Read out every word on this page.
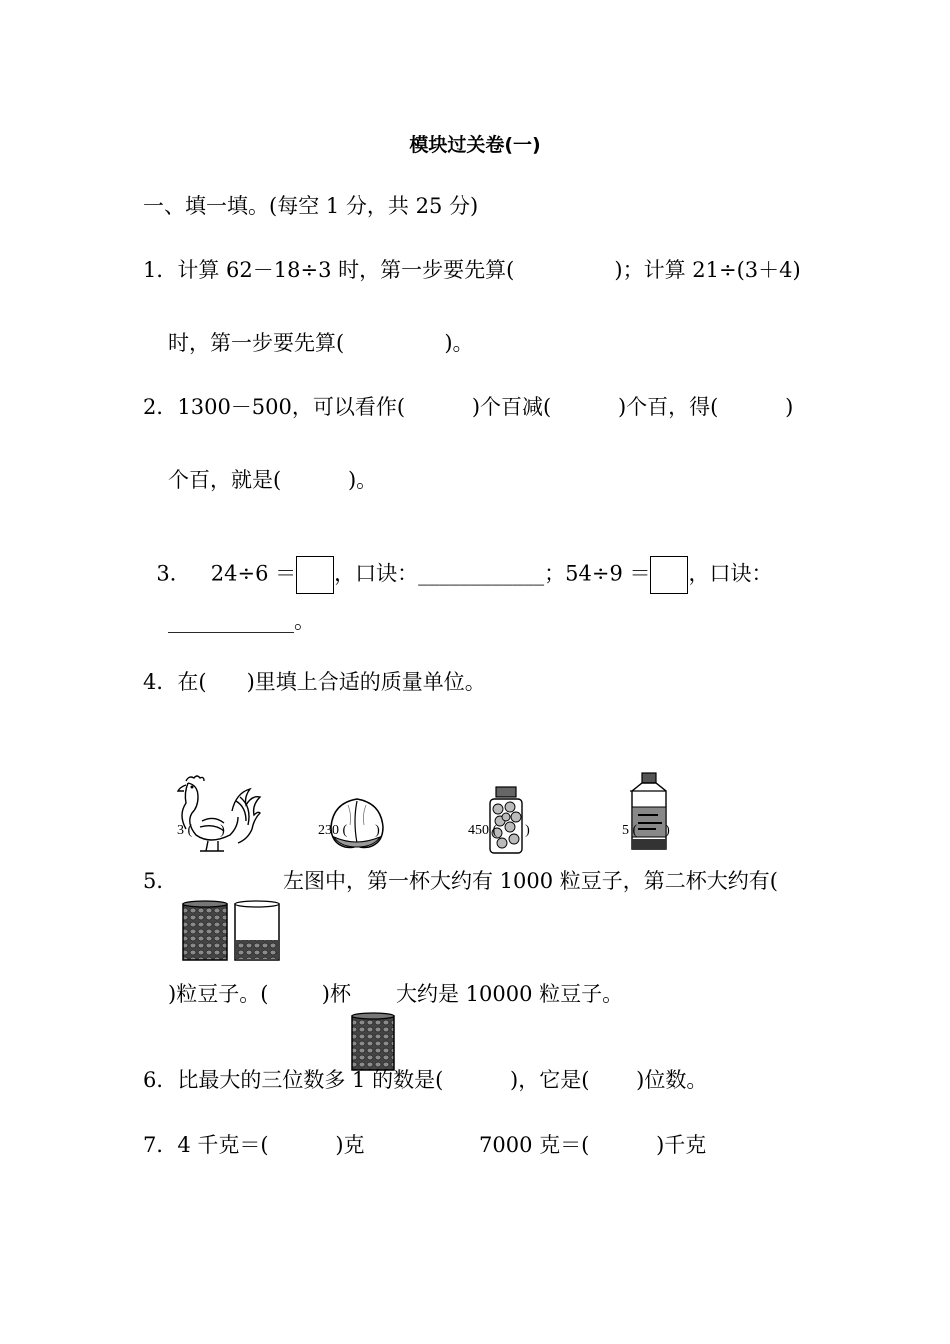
模块过关卷(一)
一、填一填。(每空 1 分，共 25 分)
1．计算 62－18÷3 时，第一步要先算(               )；计算 21÷(3＋4)
时，第一步要先算(               )。
2．1300－500，可以看作(          )个百减(          )个百，得(          )
个百，就是(          )。

3． 24÷6 ＝ ，口诀：____________；54÷9 ＝ ，口诀：

____________。
4．在(      )里填上合适的质量单位。

3 (        )

	230 (        )

	450 (        )

	5 (        )
5．

	左图中，第一杯大约有 1000 粒豆子，第二杯大约有(
)粒豆子。(        )杯

大约是 10000 粒豆子。
6．比最大的三位数多 1 的数是(          )，它是(       )位数。
7．4 千克＝(          )克	7000 克＝(          )千克
